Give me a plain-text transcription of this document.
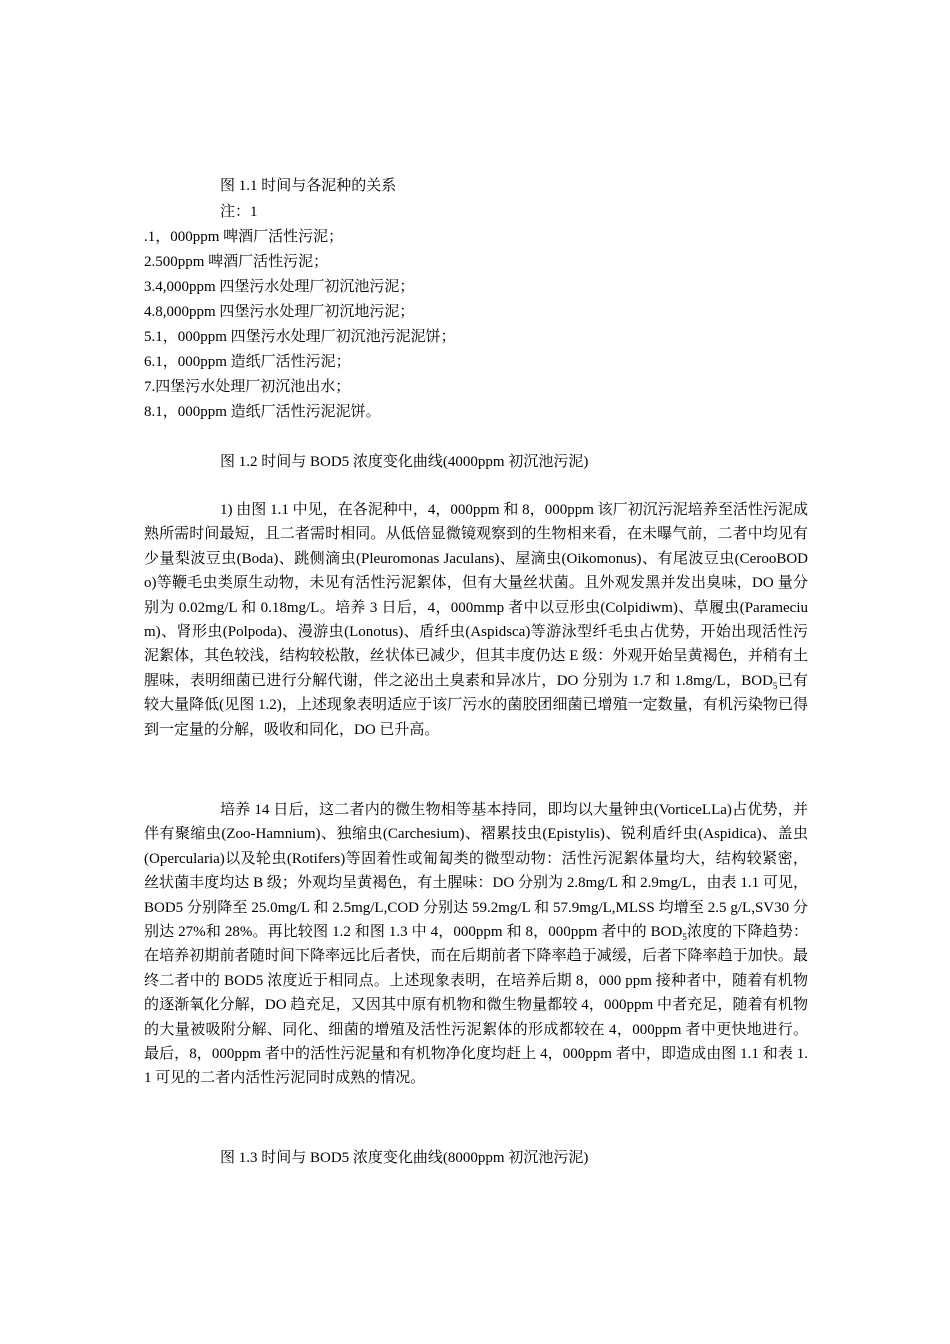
图 1.1 时间与各泥种的关系
注：1
.1，000ppm 啤酒厂活性污泥；
2.500ppm 啤酒厂活性污泥；
3.4,000ppm 四堡污水处理厂初沉池污泥；
4.8,000ppm 四堡污水处理厂初沉地污泥；
5.1，000ppm 四堡污水处理厂初沉池污泥泥饼；
6.1，000ppm 造纸厂活性污泥；
7.四堡污水处理厂初沉池出水；
8.1，000ppm 造纸厂活性污泥泥饼。
图 1.2 时间与 BOD5 浓度变化曲线(4000ppm 初沉池污泥)
1) 由图 1.1 中见，在各泥种中，4，000ppm 和 8，000ppm 该厂初沉污泥培养至活性污泥成熟所需时间最短，且二者需时相同。从低倍显微镜观察到的生物相来看，在未曝气前，二者中均见有少量梨波豆虫(Boda)、跳侧滴虫(Pleuromonas Jaculans)、屋滴虫(Oikomonus)、有尾波豆虫(CerooBODo)等鞭毛虫类原生动物，未见有活性污泥絮体，但有大量丝状菌。且外观发黑并发出臭味，DO 量分别为 0.02mg/L 和 0.18mg/L。培养 3 日后，4，000mmp 者中以豆形虫(Colpidiwm)、草履虫(Paramecium)、肾形虫(Polpoda)、漫游虫(Lonotus)、盾纤虫(Aspidsca)等游泳型纤毛虫占优势，开始出现活性污泥絮体，其色较浅，结构较松散，丝状体已减少，但其丰度仍达 E 级：外观开始呈黄褐色，并稍有土腥味，表明细菌已进行分解代谢，伴之泌出土臭素和异冰片，DO 分别为 1.7 和 1.8mg/L，$BOD_5$已有较大量降低(见图 1.2)，上述现象表明适应于该厂污水的菌胶团细菌已增殖一定数量，有机污染物已得到一定量的分解，吸收和同化，DO 已升高。
培养 14 日后，这二者内的微生物相等基本持同，即均以大量钟虫(VorticeLLa)占优势，并伴有聚缩虫(Zoo-Hamnium)、独缩虫(Carchesium)、褶累技虫(Epistylis)、锐利盾纤虫(Aspidica)、盖虫(Opercularia)以及轮虫(Rotifers)等固着性或匍匐类的微型动物：活性污泥絮体量均大，结构较紧密，丝状菌丰度均达 B 级；外观均呈黄褐色，有土腥味：DO 分别为 2.8mg/L 和 2.9mg/L，由表 1.1 可见，BOD5 分别降至 25.0mg/L 和 2.5mg/L,COD 分别达 59.2mg/L 和 57.9mg/L,MLSS 均增至 2.5 g/L,SV30 分别达 27%和 28%。再比较图 1.2 和图 1.3 中 4，000ppm 和 8，000ppm 者中的 $BOD_5$浓度的下降趋势：在培养初期前者随时间下降率远比后者快，而在后期前者下降率趋于减缓，后者下降率趋于加快。最终二者中的 BOD5 浓度近于相同点。上述现象表明，在培养后期 8，000 ppm 接种者中，随着有机物的逐渐氧化分解，DO 趋充足，又因其中原有机物和微生物量都较 4，000ppm 中者充足，随着有机物的大量被吸附分解、同化、细菌的增殖及活性污泥絮体的形成都较在 4，000ppm 者中更快地进行。最后，8，000ppm 者中的活性污泥量和有机物净化度均赶上 4，000ppm 者中，即造成由图 1.1 和表 1.1 可见的二者内活性污泥同时成熟的情况。
图 1.3 时间与 BOD5 浓度变化曲线(8000ppm 初沉池污泥)
